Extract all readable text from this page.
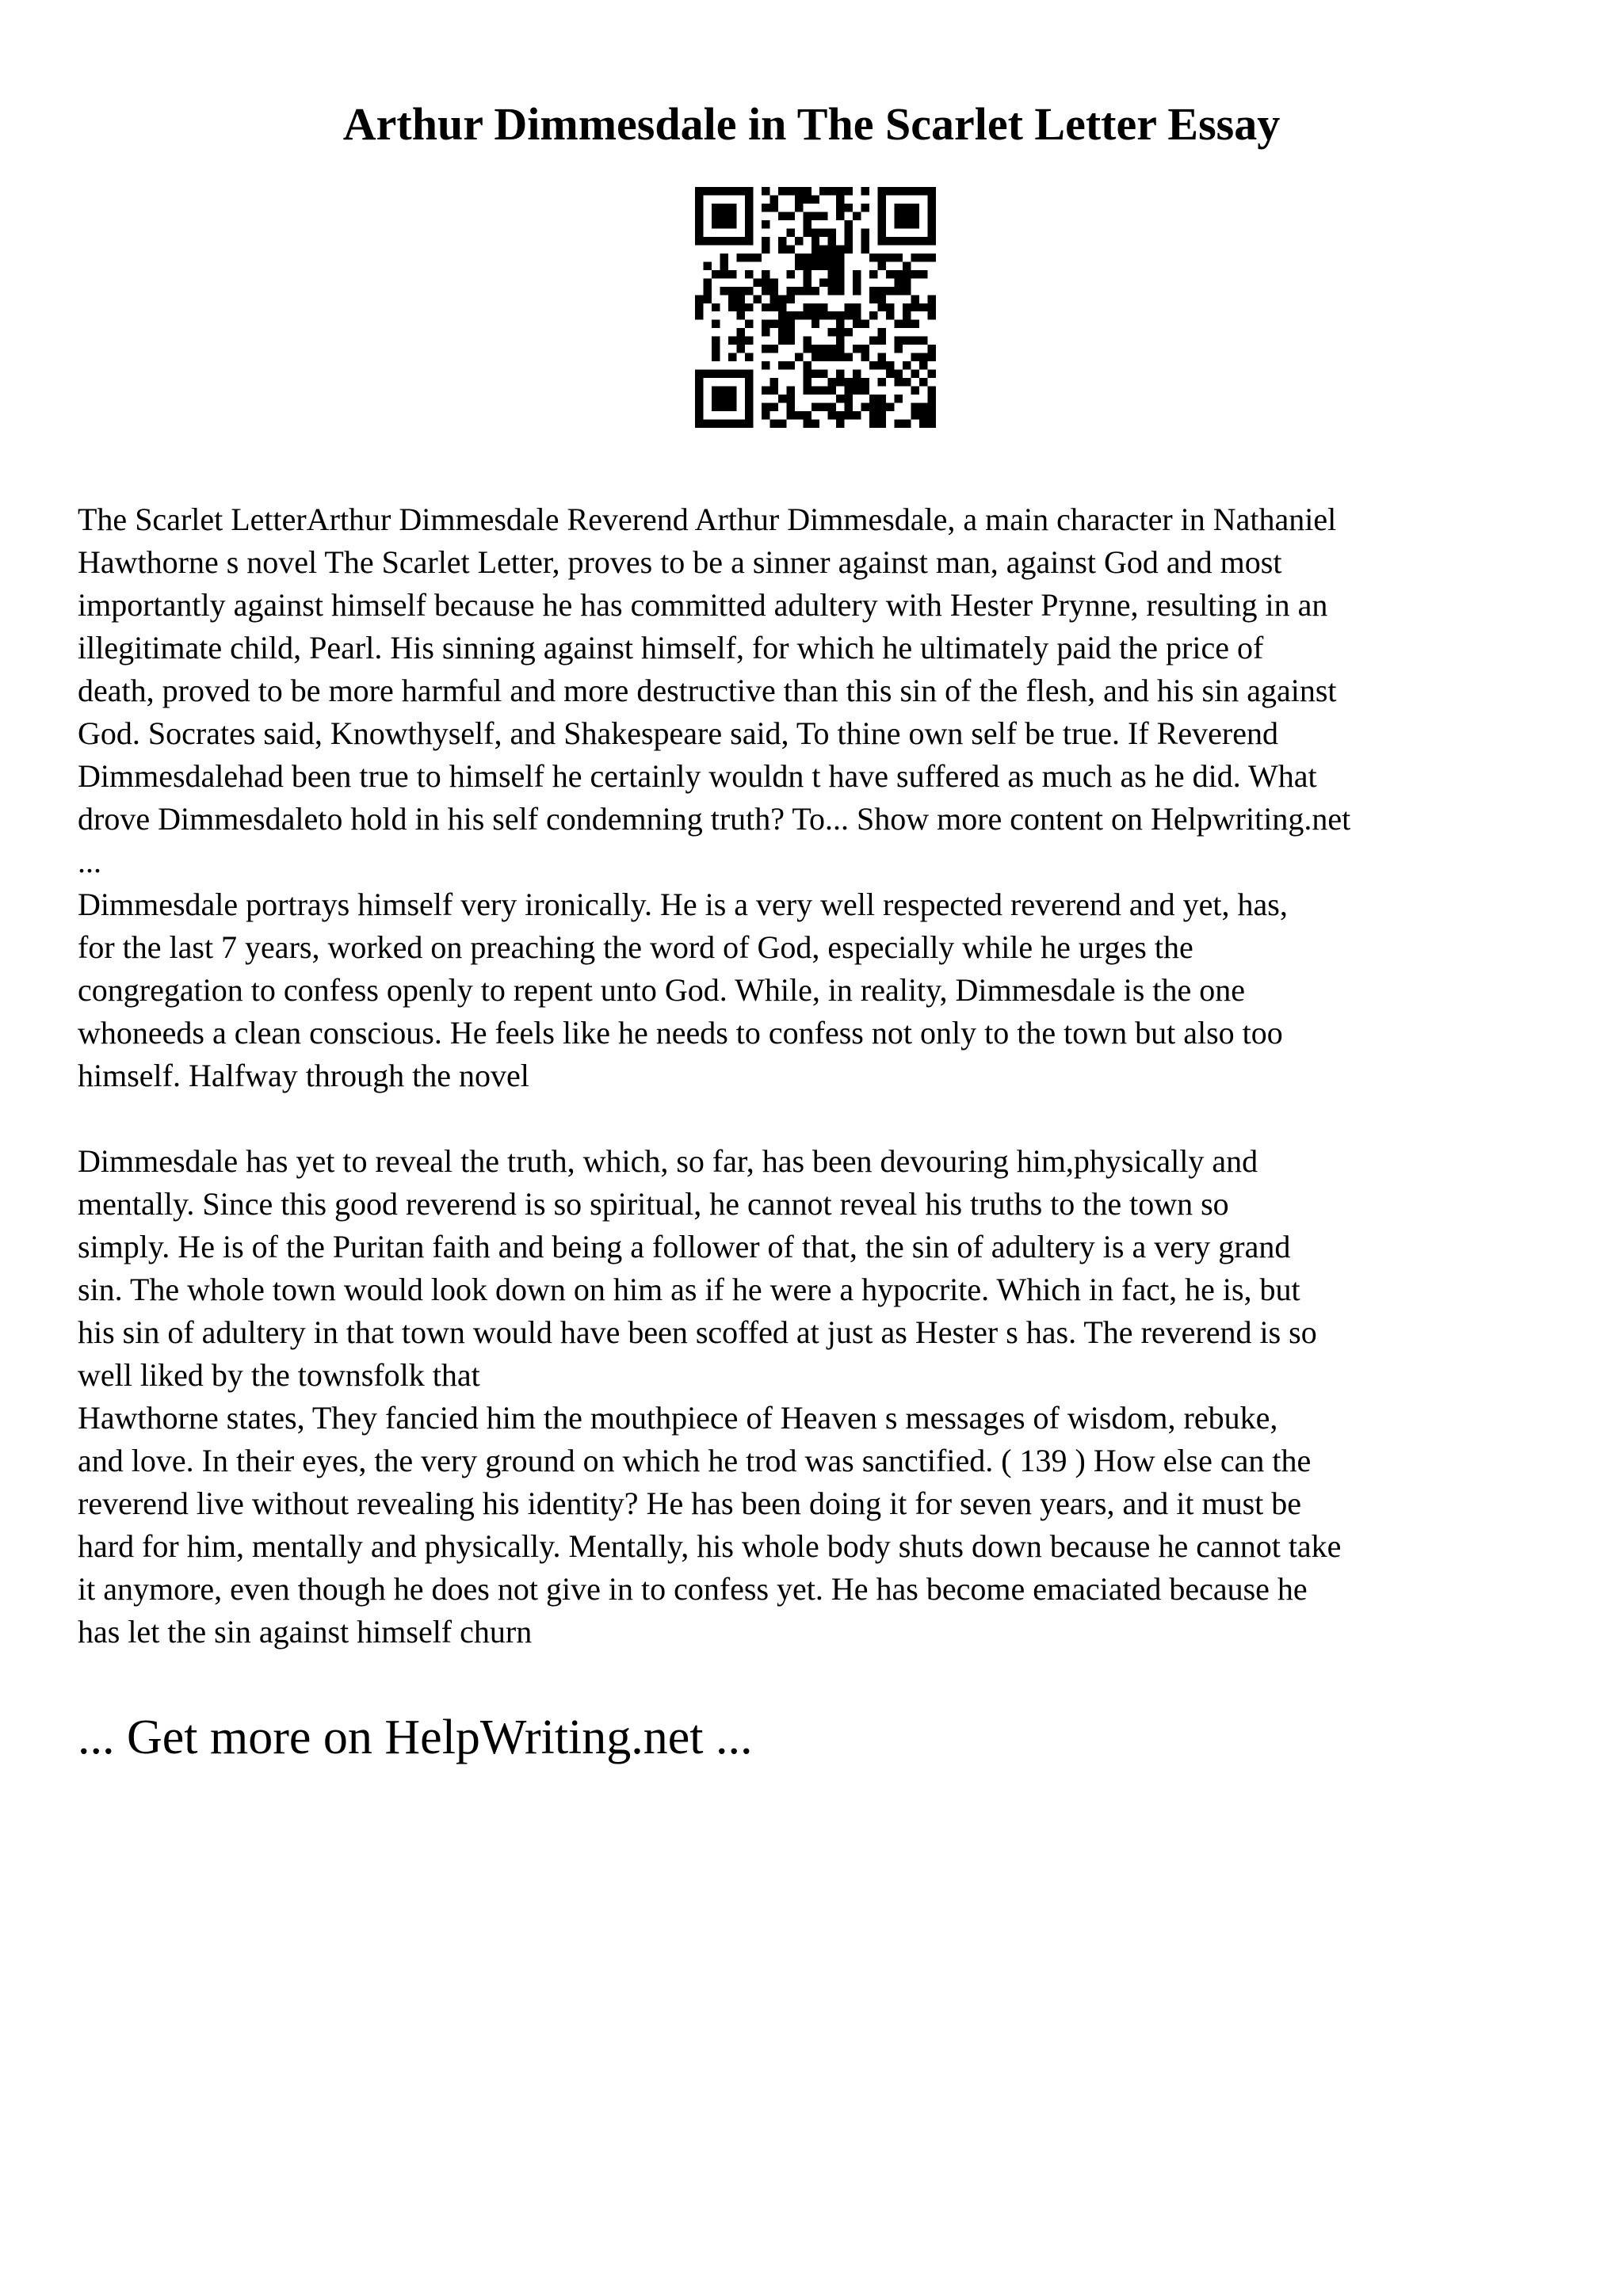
Arthur Dimmesdale in The Scarlet Letter Essay

The Scarlet LetterArthur Dimmesdale Reverend Arthur Dimmesdale, a main character in Nathaniel
Hawthorne s novel The Scarlet Letter, proves to be a sinner against man, against God and most
importantly against himself because he has committed adultery with Hester Prynne, resulting in an
illegitimate child, Pearl. His sinning against himself, for which he ultimately paid the price of
death, proved to be more harmful and more destructive than this sin of the flesh, and his sin against
God. Socrates said, Knowthyself, and Shakespeare said, To thine own self be true. If Reverend
Dimmesdalehad been true to himself he certainly wouldn t have suffered as much as he did. What
drove Dimmesdaleto hold in his self condemning truth? To... Show more content on Helpwriting.net
...

Dimmesdale portrays himself very ironically. He is a very well respected reverend and yet, has,
for the last 7 years, worked on preaching the word of God, especially while he urges the
congregation to confess openly to repent unto God. While, in reality, Dimmesdale is the one
whoneeds a clean conscious. He feels like he needs to confess not only to the town but also too
himself. Halfway through the novel

Dimmesdale has yet to reveal the truth, which, so far, has been devouring him,physically and
mentally. Since this good reverend is so spiritual, he cannot reveal his truths to the town so
simply. He is of the Puritan faith and being a follower of that, the sin of adultery is a very grand
sin. The whole town would look down on him as if he were a hypocrite. Which in fact, he is, but
his sin of adultery in that town would have been scoffed at just as Hester s has. The reverend is so
well liked by the townsfolk that

Hawthorne states, They fancied him the mouthpiece of Heaven s messages of wisdom, rebuke,
and love. In their eyes, the very ground on which he trod was sanctified. ( 139 ) How else can the
reverend live without revealing his identity? He has been doing it for seven years, and it must be
hard for him, mentally and physically. Mentally, his whole body shuts down because he cannot take
it anymore, even though he does not give in to confess yet. He has become emaciated because he
has let the sin against himself churn

... Get more on HelpWriting.net ...
